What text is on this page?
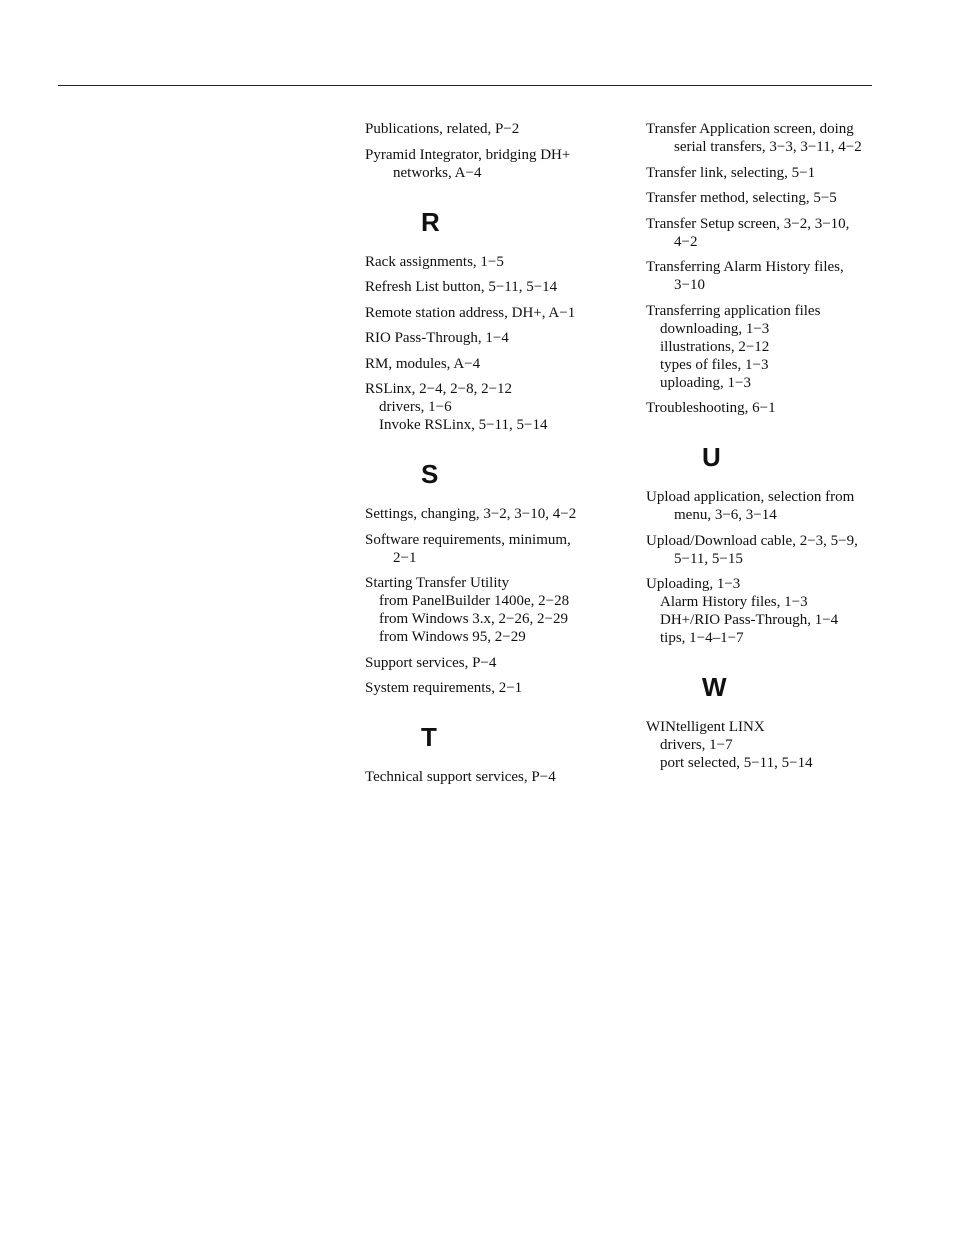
Publications, related, P−2
Pyramid Integrator, bridging DH+
networks, A−4
R
Rack assignments, 1−5
Refresh List button, 5−11, 5−14
Remote station address, DH+, A−1
RIO Pass-Through, 1−4
RM, modules, A−4
RSLinx, 2−4, 2−8, 2−12
drivers, 1−6
Invoke RSLinx, 5−11, 5−14
S
Settings, changing, 3−2, 3−10, 4−2
Software requirements, minimum,
2−1
Starting Transfer Utility
from PanelBuilder 1400e, 2−28
from Windows 3.x, 2−26, 2−29
from Windows 95, 2−29
Support services, P−4
System requirements, 2−1
T
Technical support services, P−4
Transfer Application screen, doing
serial transfers, 3−3, 3−11, 4−2
Transfer link, selecting, 5−1
Transfer method, selecting, 5−5
Transfer Setup screen, 3−2, 3−10,
4−2
Transferring Alarm History files,
3−10
Transferring application files
downloading, 1−3
illustrations, 2−12
types of files, 1−3
uploading, 1−3
Troubleshooting, 6−1
U
Upload application, selection from
menu, 3−6, 3−14
Upload/Download cable, 2−3, 5−9,
5−11, 5−15
Uploading, 1−3
Alarm History files, 1−3
DH+/RIO Pass-Through, 1−4
tips, 1−4–1−7
W
WINtelligent LINX
drivers, 1−7
port selected, 5−11, 5−14
